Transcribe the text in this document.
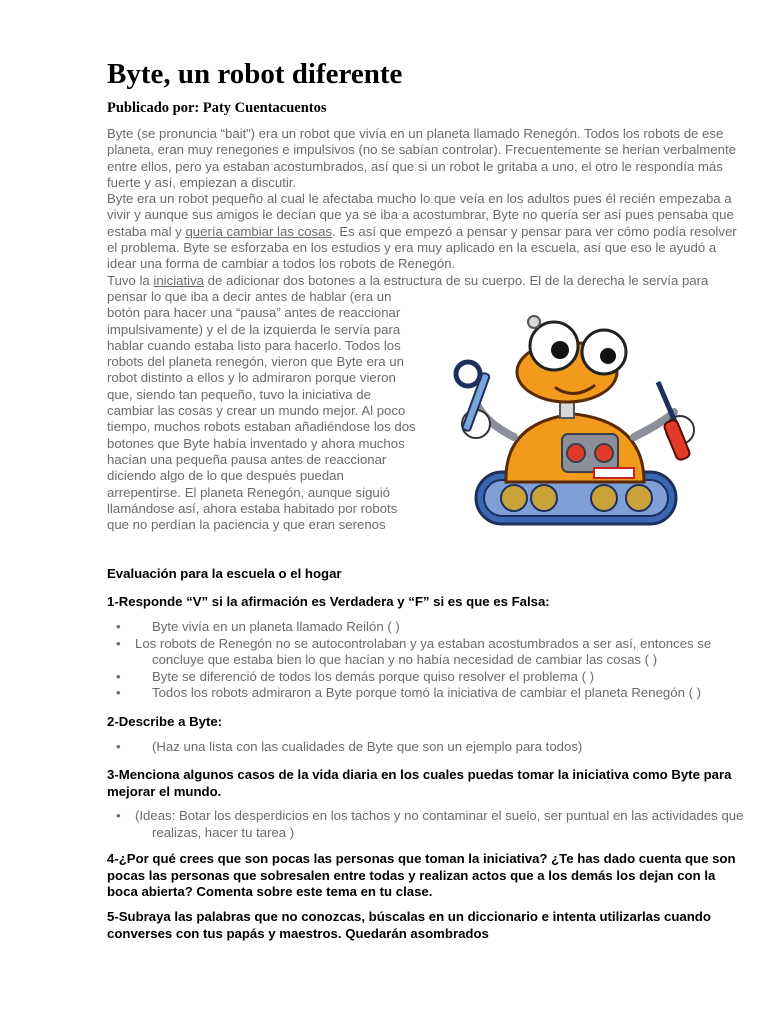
Byte, un robot diferente

Publicado por: Paty Cuentacuentos

Byte (se pronuncia “bait”) era un robot que vivía en un planeta llamado Renegón. Todos los robots de ese planeta, eran muy renegones e impulsivos (no se sabían controlar). Frecuentemente se herían verbalmente entre ellos, pero ya estaban acostumbrados, así que si un robot le gritaba a uno, el otro le respondía más fuerte y así, empiezan a discutir.

Byte era un robot pequeño al cual le afectaba mucho lo que veía en los adultos pues él recién empezaba a vivir y aunque sus amigos le decían que ya se iba a acostumbrar, Byte no quería ser así pues pensaba que estaba mal y quería cambiar las cosas. Es así que empezó a pensar y pensar para ver cómo podía resolver el problema. Byte se esforzaba en los estudios y era muy aplicado en la escuela, así que eso le ayudó a idear una forma de cambiar a todos los robots de Renegón.

Tuvo la iniciativa de adicionar dos botones a la estructura de su cuerpo. El de la derecha le servía para

pensar lo que iba a decir antes de hablar (era un botón para hacer una “pausa” antes de reaccionar impulsivamente) y el de la izquierda le servía para hablar cuando estaba listo para hacerlo. Todos los robots del planeta renegón, vieron que Byte era un robot distinto a ellos y lo admiraron porque vieron que, siendo tan pequeño, tuvo la iniciativa de cambiar las cosas y crear un mundo mejor. Al poco tiempo, muchos robots estaban añadiéndose los dos botones que Byte había inventado y ahora muchos hacían una pequeña pausa antes de reaccionar diciendo algo de lo que después puedan arrepentirse. El planeta Renegón, aunque siguió llamándose así, ahora estaba habitado por robots que no perdían la paciencia y que eran serenos

Evaluación para la escuela o el hogar

1-Responde “V” si la afirmación es Verdadera y “F” si es que es Falsa:

• Byte vivía en un planeta llamado Reilón ( )
• Los robots de Renegón no se autocontrolaban y ya estaban acostumbrados a ser así, entonces se concluye que estaba bien lo que hacían y no había necesidad de cambiar las cosas ( )
• Byte se diferenció de todos los demás porque quiso resolver el problema ( )
• Todos los robots admiraron a Byte porque tomó la iniciativa de cambiar el planeta Renegón ( )

2-Describe a Byte:

• (Haz una lista con las cualidades de Byte que son un ejemplo para todos)

3-Menciona algunos casos de la vida diaria en los cuales puedas tomar la iniciativa como Byte para mejorar el mundo.

• (Ideas: Botar los desperdicios en los tachos y no contaminar el suelo, ser puntual en las actividades que realizas, hacer tu tarea )

4-¿Por qué crees que son pocas las personas que toman la iniciativa? ¿Te has dado cuenta que son pocas las personas que sobresalen entre todas y realizan actos que a los demás los dejan con la boca abierta? Comenta sobre este tema en tu clase.

5-Subraya las palabras que no conozcas, búscalas en un diccionario e intenta utilizarlas cuando converses con tus papás y maestros. Quedarán asombrados
